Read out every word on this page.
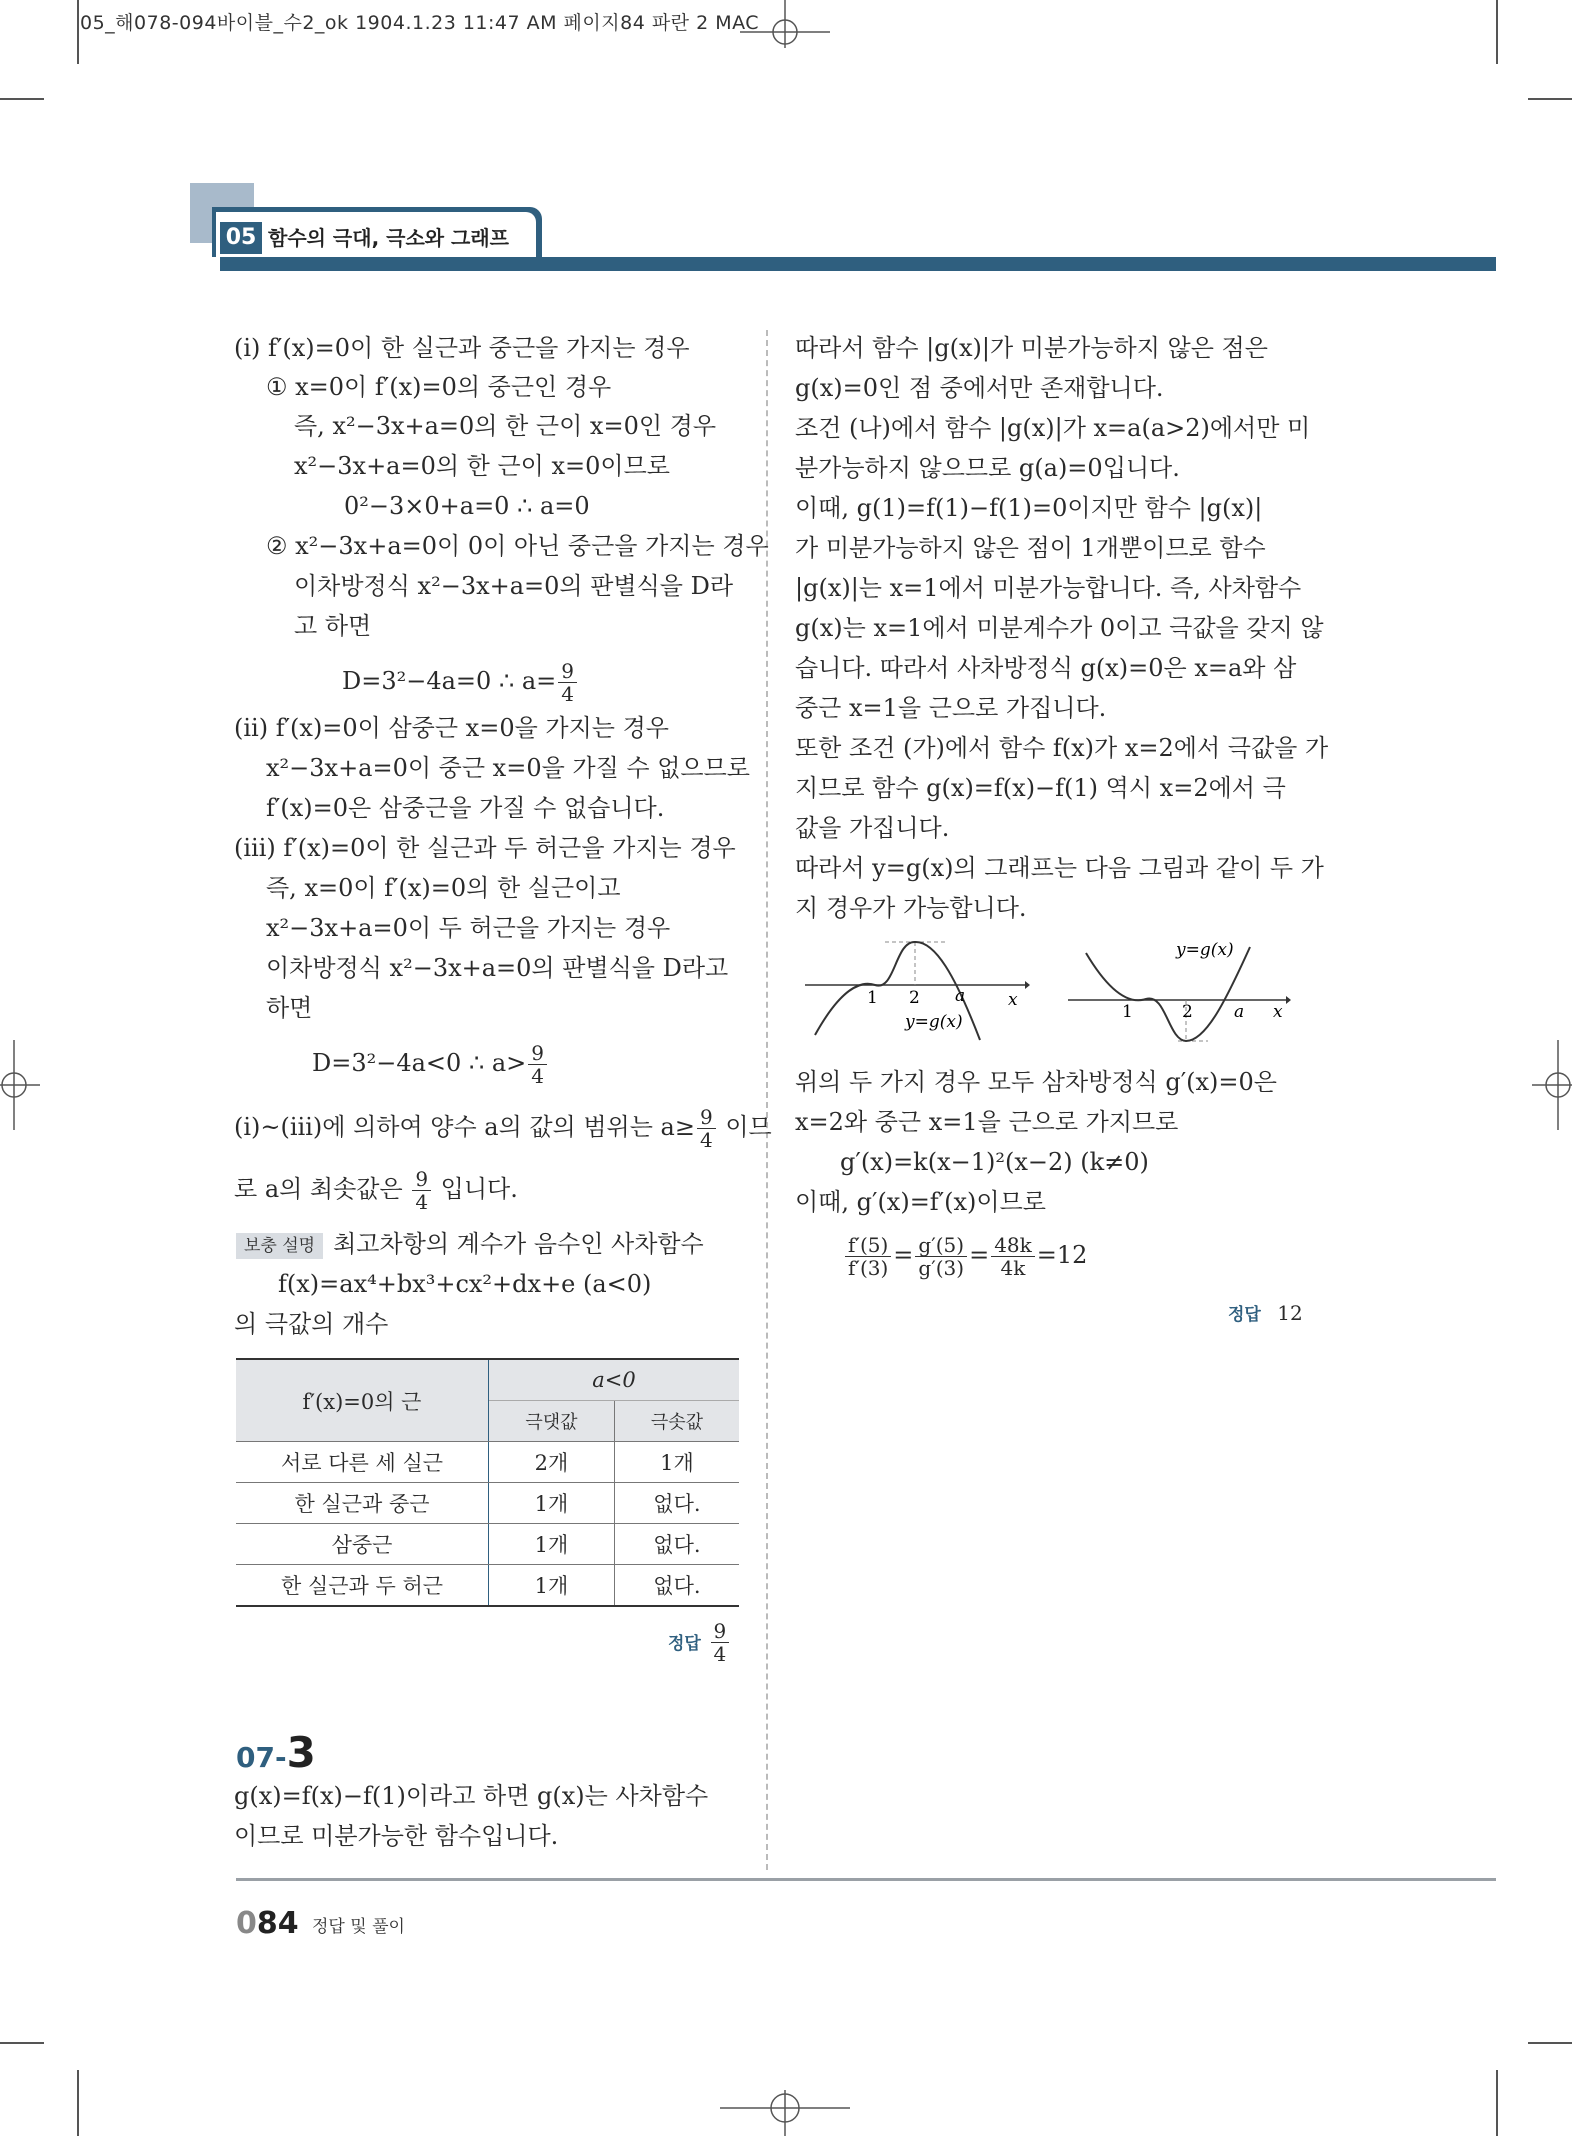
05_해078-094바이블_수2_ok 1904.1.23 11:47 AM 페이지84 파란 2 MAC
05 함수의 극대, 극소와 그래프
(ⅰ) f′(x)=0이 한 실근과 중근을 가지는 경우
① x=0이 f′(x)=0의 중근인 경우
즉, x²−3x+a=0의 한 근이 x=0인 경우
x²−3x+a=0의 한 근이 x=0이므로
0²−3×0+a=0 ∴ a=0
② x²−3x+a=0이 0이 아닌 중근을 가지는 경우
이차방정식 x²−3x+a=0의 판별식을 D라
고 하면
D=3²−4a=0 ∴ $a= \frac{9}{4}$
(ⅱ) f′(x)=0이 삼중근 x=0을 가지는 경우
x²−3x+a=0이 중근 x=0을 가질 수 없으므로
f′(x)=0은 삼중근을 가질 수 없습니다.
(ⅲ) f′(x)=0이 한 실근과 두 허근을 가지는 경우
즉, x=0이 f′(x)=0의 한 실근이고
x²−3x+a=0이 두 허근을 가지는 경우
이차방정식 x²−3x+a=0의 판별식을 D라고
하면
D=3²−4a<0 ∴ $a> \frac{9}{4}$
(ⅰ)~(ⅲ)에 의하여 양수 a의 값의 범위는 $a\ge \frac{9}{4}$ 이므
로 a의 최솟값은 $\frac{9}{4}$ 입니다.
보충 설명 최고차항의 계수가 음수인 사차함수
f(x)=ax⁴+bx³+cx²+dx+e (a<0)
의 극값의 개수
f′(x)=0의 근	a<0	
	극댓값	극솟값
서로 다른 세 실근	2개	1개
한 실근과 중근	1개	없다.
삼중근	1개	없다.
한 실근과 두 허근	1개	없다.
정답 $\frac{9}{4}$
07-3
g(x)=f(x)−f(1)이라고 하면 g(x)는 사차함수
이므로 미분가능한 함수입니다.
따라서 함수 |g(x)|가 미분가능하지 않은 점은
g(x)=0인 점 중에서만 존재합니다.
조건 (나)에서 함수 |g(x)|가 x=a(a>2)에서만 미
분가능하지 않으므로 g(a)=0입니다.
이때, g(1)=f(1)−f(1)=0이지만 함수 |g(x)|
가 미분가능하지 않은 점이 1개뿐이므로 함수
|g(x)|는 x=1에서 미분가능합니다. 즉, 사차함수
g(x)는 x=1에서 미분계수가 0이고 극값을 갖지 않
습니다. 따라서 사차방정식 g(x)=0은 x=a와 삼
중근 x=1을 근으로 가집니다.
또한 조건 (가)에서 함수 f(x)가 x=2에서 극값을 가
지므로 함수 g(x)=f(x)−f(1) 역시 x=2에서 극
값을 가집니다.
따라서 y=g(x)의 그래프는 다음 그림과 같이 두 가
지 경우가 가능합니다.
1 2 a	x
y=g(x)	1	2 a x
y=g(x)
위의 두 가지 경우 모두 삼차방정식 g′(x)=0은
x=2와 중근 x=1을 근으로 가지므로
g′(x)=k(x−1)²(x−2) (k≠0)
이때, g′(x)=f′(x)이므로
$\frac{f'(5)}{f'(3)} = \frac{g'(5)}{g'(3)} = \frac{48k}{4k} =12$
정답 12
084 정답 및 풀이
